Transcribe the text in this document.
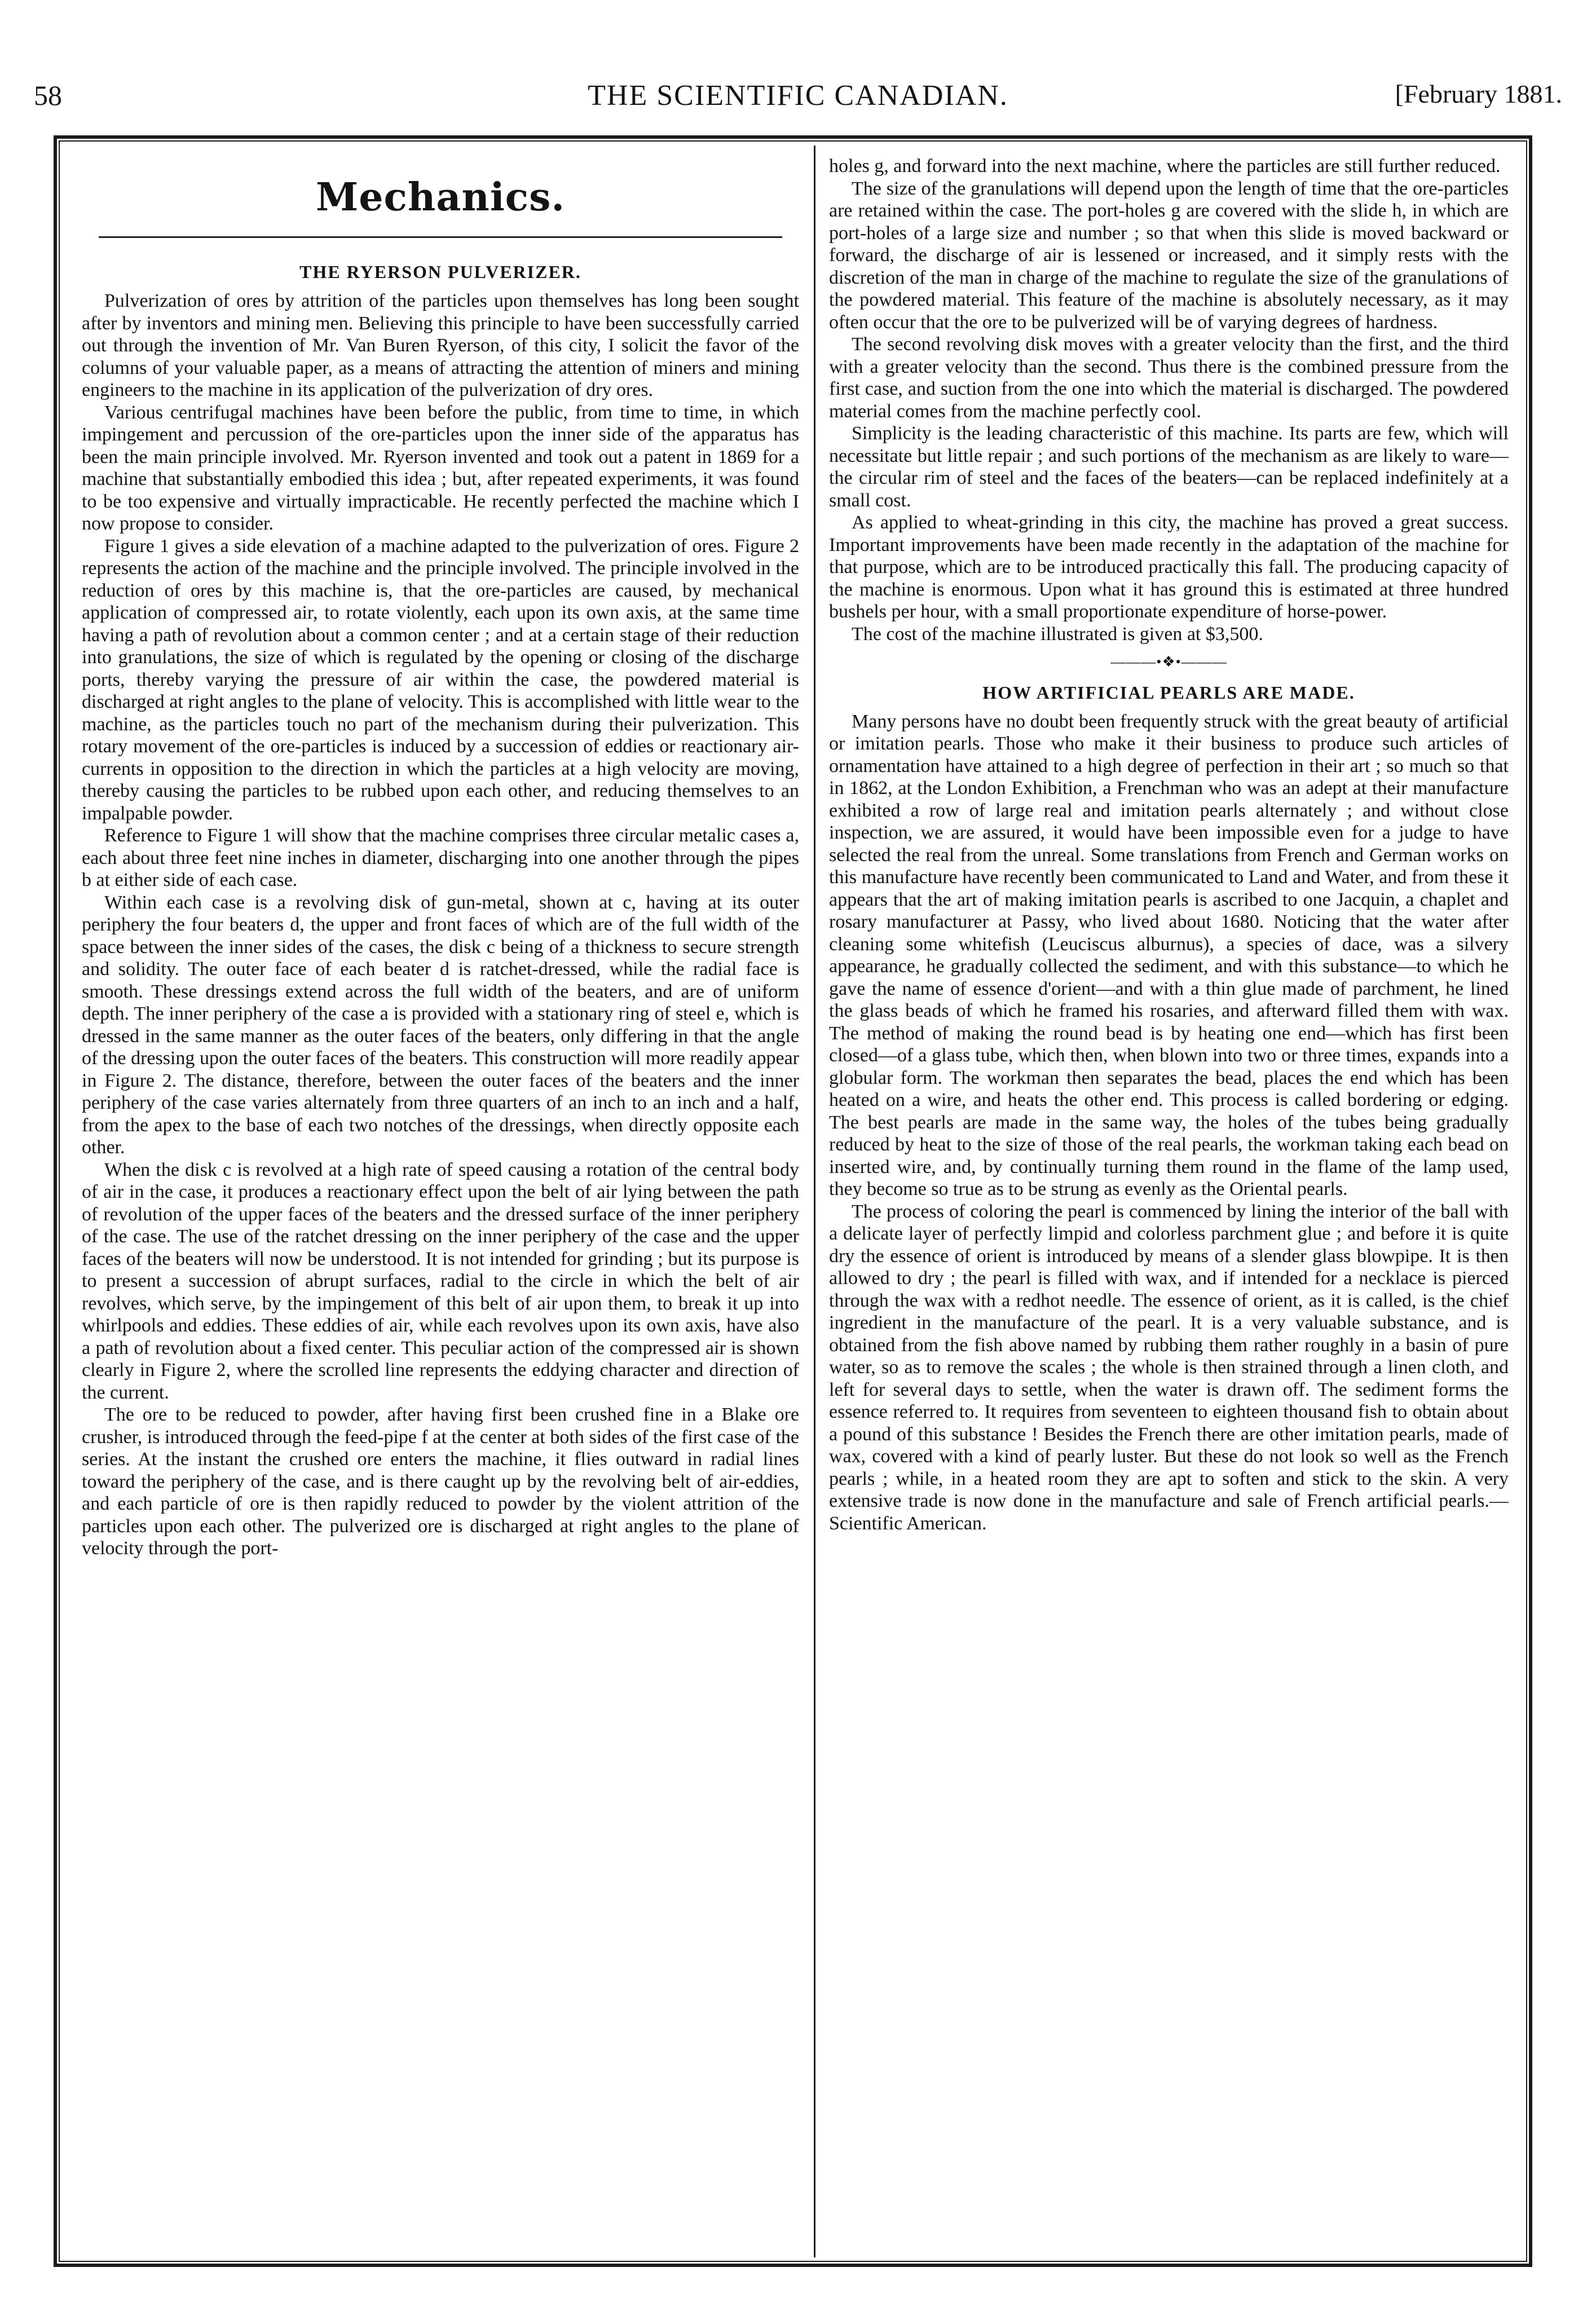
58	THE SCIENTIFIC CANADIAN.	[February 1881.
Mechanics.
THE RYERSON PULVERIZER.

Pulverization of ores by attrition of the particles upon themselves has long been sought after by inventors and mining men. Believing this principle to have been successfully carried out through the invention of Mr. Van Buren Ryerson, of this city, I solicit the favor of the columns of your valuable paper, as a means of attracting the attention of miners and mining engineers to the machine in its application of the pulverization of dry ores.

Various centrifugal machines have been before the public, from time to time, in which impingement and percussion of the ore-particles upon the inner side of the apparatus has been the main principle involved. Mr. Ryerson invented and took out a patent in 1869 for a machine that substantially embodied this idea ; but, after repeated experiments, it was found to be too expensive and virtually impracticable. He recently perfected the machine which I now propose to consider.

Figure 1 gives a side elevation of a machine adapted to the pulverization of ores. Figure 2 represents the action of the machine and the principle involved. The principle involved in the reduction of ores by this machine is, that the ore-particles are caused, by mechanical application of compressed air, to rotate violently, each upon its own axis, at the same time having a path of revolution about a common center ; and at a certain stage of their reduction into granulations, the size of which is regulated by the opening or closing of the discharge ports, thereby varying the pressure of air within the case, the powdered material is discharged at right angles to the plane of velocity. This is accomplished with little wear to the machine, as the particles touch no part of the mechanism during their pulverization. This rotary movement of the ore-particles is induced by a succession of eddies or reactionary air-currents in opposition to the direction in which the particles at a high velocity are moving, thereby causing the particles to be rubbed upon each other, and reducing themselves to an impalpable powder.

Reference to Figure 1 will show that the machine comprises three circular metalic cases a, each about three feet nine inches in diameter, discharging into one another through the pipes b at either side of each case.

Within each case is a revolving disk of gun-metal, shown at c, having at its outer periphery the four beaters d, the upper and front faces of which are of the full width of the space between the inner sides of the cases, the disk c being of a thickness to secure strength and solidity. The outer face of each beater d is ratchet-dressed, while the radial face is smooth. These dressings extend across the full width of the beaters, and are of uniform depth. The inner periphery of the case a is provided with a stationary ring of steel e, which is dressed in the same manner as the outer faces of the beaters, only differing in that the angle of the dressing upon the outer faces of the beaters. This construction will more readily appear in Figure 2. The distance, therefore, between the outer faces of the beaters and the inner periphery of the case varies alternately from three quarters of an inch to an inch and a half, from the apex to the base of each two notches of the dressings, when directly opposite each other.

When the disk c is revolved at a high rate of speed causing a rotation of the central body of air in the case, it produces a reactionary effect upon the belt of air lying between the path of revolution of the upper faces of the beaters and the dressed surface of the inner periphery of the case. The use of the ratchet dressing on the inner periphery of the case and the upper faces of the beaters will now be understood. It is not intended for grinding ; but its purpose is to present a succession of abrupt surfaces, radial to the circle in which the belt of air revolves, which serve, by the impingement of this belt of air upon them, to break it up into whirlpools and eddies. These eddies of air, while each revolves upon its own axis, have also a path of revolution about a fixed center. This peculiar action of the compressed air is shown clearly in Figure 2, where the scrolled line represents the eddying character and direction of the current.

The ore to be reduced to powder, after having first been crushed fine in a Blake ore crusher, is introduced through the feed-pipe f at the center at both sides of the first case of the series. At the instant the crushed ore enters the machine, it flies outward in radial lines toward the periphery of the case, and is there caught up by the revolving belt of air-eddies, and each particle of ore is then rapidly reduced to powder by the violent attrition of the particles upon each other. The pulverized ore is discharged at right angles to the plane of velocity through the port-

holes g, and forward into the next machine, where the particles are still further reduced.

The size of the granulations will depend upon the length of time that the ore-particles are retained within the case. The port-holes g are covered with the slide h, in which are port-holes of a large size and number ; so that when this slide is moved backward or forward, the discharge of air is lessened or increased, and it simply rests with the discretion of the man in charge of the machine to regulate the size of the granulations of the powdered material. This feature of the machine is absolutely necessary, as it may often occur that the ore to be pulverized will be of varying degrees of hardness.

The second revolving disk moves with a greater velocity than the first, and the third with a greater velocity than the second. Thus there is the combined pressure from the first case, and suction from the one into which the material is discharged. The powdered material comes from the machine perfectly cool.

Simplicity is the leading characteristic of this machine. Its parts are few, which will necessitate but little repair ; and such portions of the mechanism as are likely to ware—the circular rim of steel and the faces of the beaters—can be replaced indefinitely at a small cost.

As applied to wheat-grinding in this city, the machine has proved a great success. Important improvements have been made recently in the adaptation of the machine for that purpose, which are to be introduced practically this fall. The producing capacity of the machine is enormous. Upon what it has ground this is estimated at three hundred bushels per hour, with a small proportionate expenditure of horse-power.

The cost of the machine illustrated is given at $3,500.

———•❖•———
HOW ARTIFICIAL PEARLS ARE MADE.

Many persons have no doubt been frequently struck with the great beauty of artificial or imitation pearls. Those who make it their business to produce such articles of ornamentation have attained to a high degree of perfection in their art ; so much so that in 1862, at the London Exhibition, a Frenchman who was an adept at their manufacture exhibited a row of large real and imitation pearls alternately ; and without close inspection, we are assured, it would have been impossible even for a judge to have selected the real from the unreal. Some translations from French and German works on this manufacture have recently been communicated to Land and Water, and from these it appears that the art of making imitation pearls is ascribed to one Jacquin, a chaplet and rosary manufacturer at Passy, who lived about 1680. Noticing that the water after cleaning some whitefish (Leuciscus alburnus), a species of dace, was a silvery appearance, he gradually collected the sediment, and with this substance—to which he gave the name of essence d'orient—and with a thin glue made of parchment, he lined the glass beads of which he framed his rosaries, and afterward filled them with wax. The method of making the round bead is by heating one end—which has first been closed—of a glass tube, which then, when blown into two or three times, expands into a globular form. The workman then separates the bead, places the end which has been heated on a wire, and heats the other end. This process is called bordering or edging. The best pearls are made in the same way, the holes of the tubes being gradually reduced by heat to the size of those of the real pearls, the workman taking each bead on inserted wire, and, by continually turning them round in the flame of the lamp used, they become so true as to be strung as evenly as the Oriental pearls.

The process of coloring the pearl is commenced by lining the interior of the ball with a delicate layer of perfectly limpid and colorless parchment glue ; and before it is quite dry the essence of orient is introduced by means of a slender glass blowpipe. It is then allowed to dry ; the pearl is filled with wax, and if intended for a necklace is pierced through the wax with a redhot needle. The essence of orient, as it is called, is the chief ingredient in the manufacture of the pearl. It is a very valuable substance, and is obtained from the fish above named by rubbing them rather roughly in a basin of pure water, so as to remove the scales ; the whole is then strained through a linen cloth, and left for several days to settle, when the water is drawn off. The sediment forms the essence referred to. It requires from seventeen to eighteen thousand fish to obtain about a pound of this substance ! Besides the French there are other imitation pearls, made of wax, covered with a kind of pearly luster. But these do not look so well as the French pearls ; while, in a heated room they are apt to soften and stick to the skin. A very extensive trade is now done in the manufacture and sale of French artificial pearls.—Scientific American.
